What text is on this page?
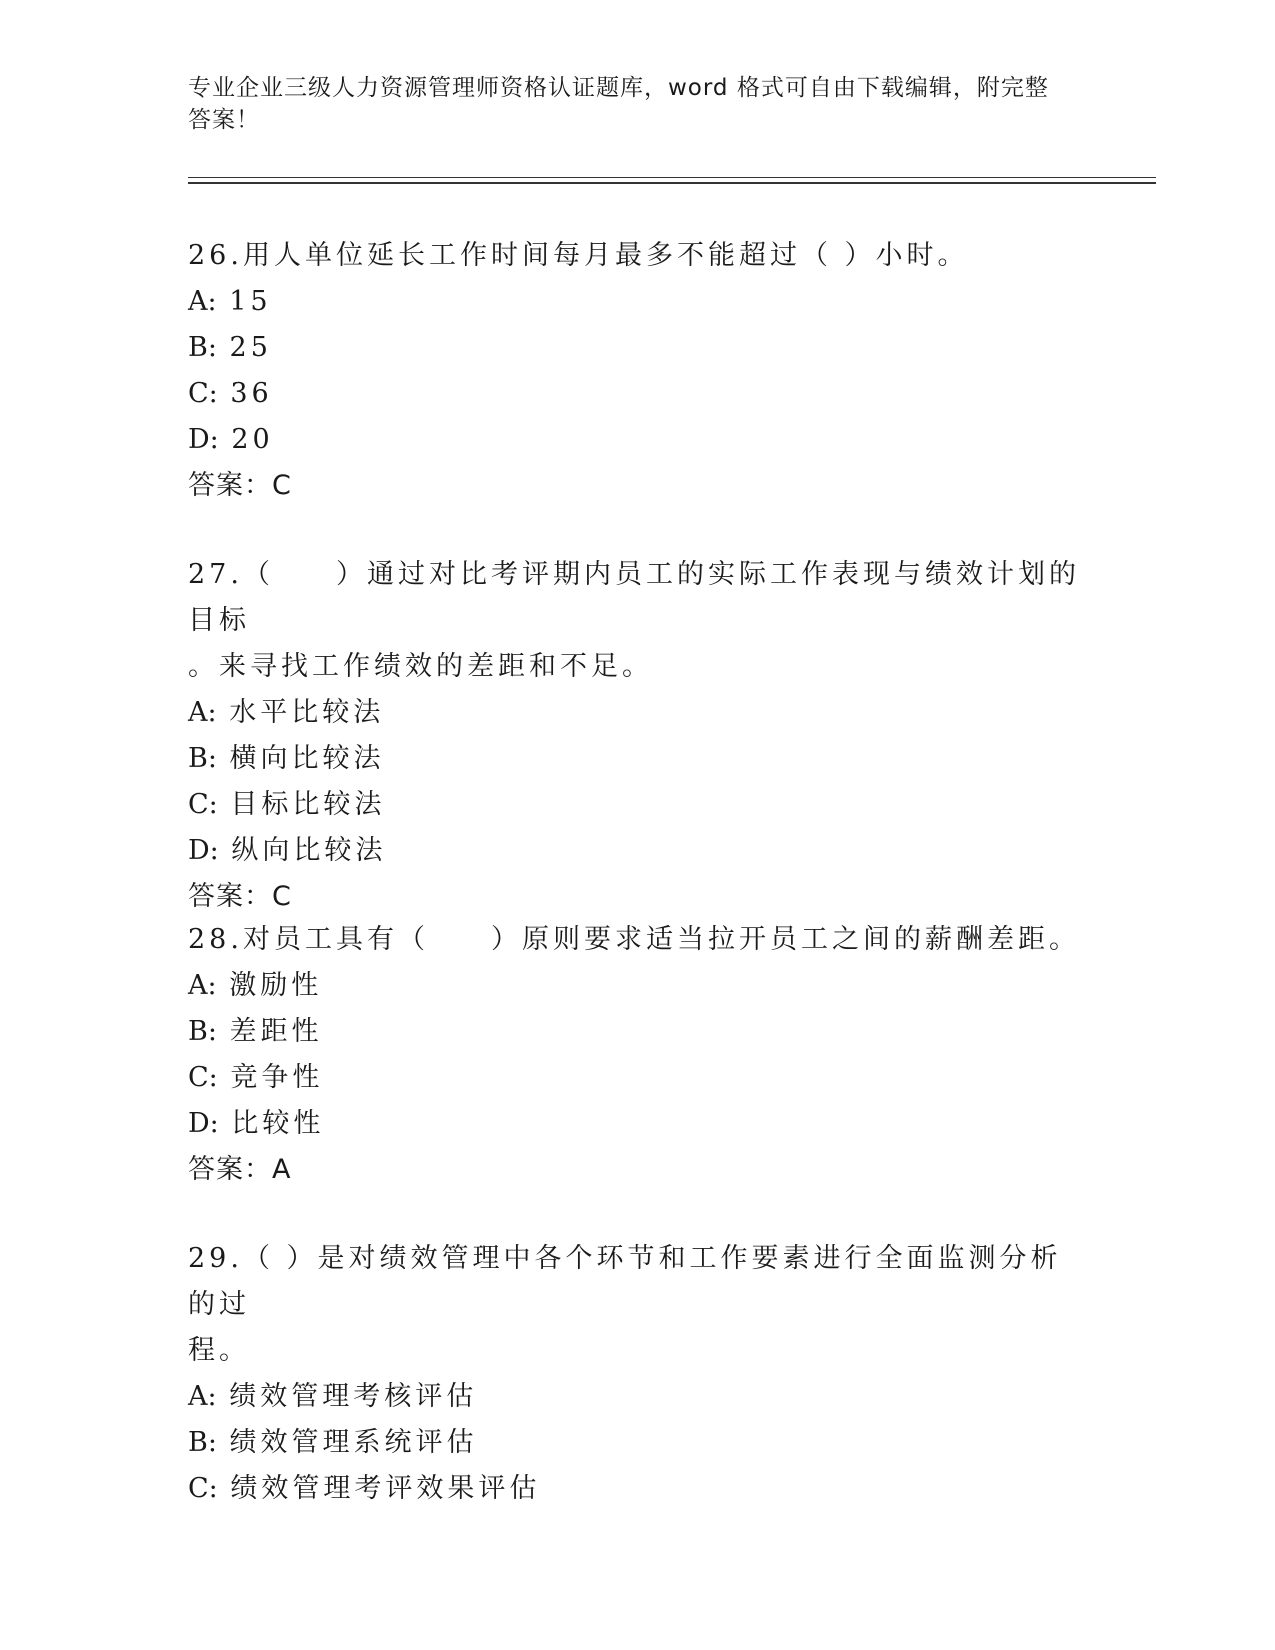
专业企业三级人力资源管理师资格认证题库，word 格式可自由下载编辑，附完整
答案！

26.用人单位延长工作时间每月最多不能超过（ ）小时。

A: 15

B: 25

C: 36

D: 20

答案：C

27.（　　）通过对比考评期内员工的实际工作表现与绩效计划的目标

。来寻找工作绩效的差距和不足。

A: 水平比较法

B: 横向比较法

C: 目标比较法

D: 纵向比较法

答案：C

28.对员工具有（　　）原则要求适当拉开员工之间的薪酬差距。

A: 激励性

B: 差距性

C: 竞争性

D: 比较性

答案：A

29.（ ）是对绩效管理中各个环节和工作要素进行全面监测分析的过

程。

A: 绩效管理考核评估

B: 绩效管理系统评估

C: 绩效管理考评效果评估
